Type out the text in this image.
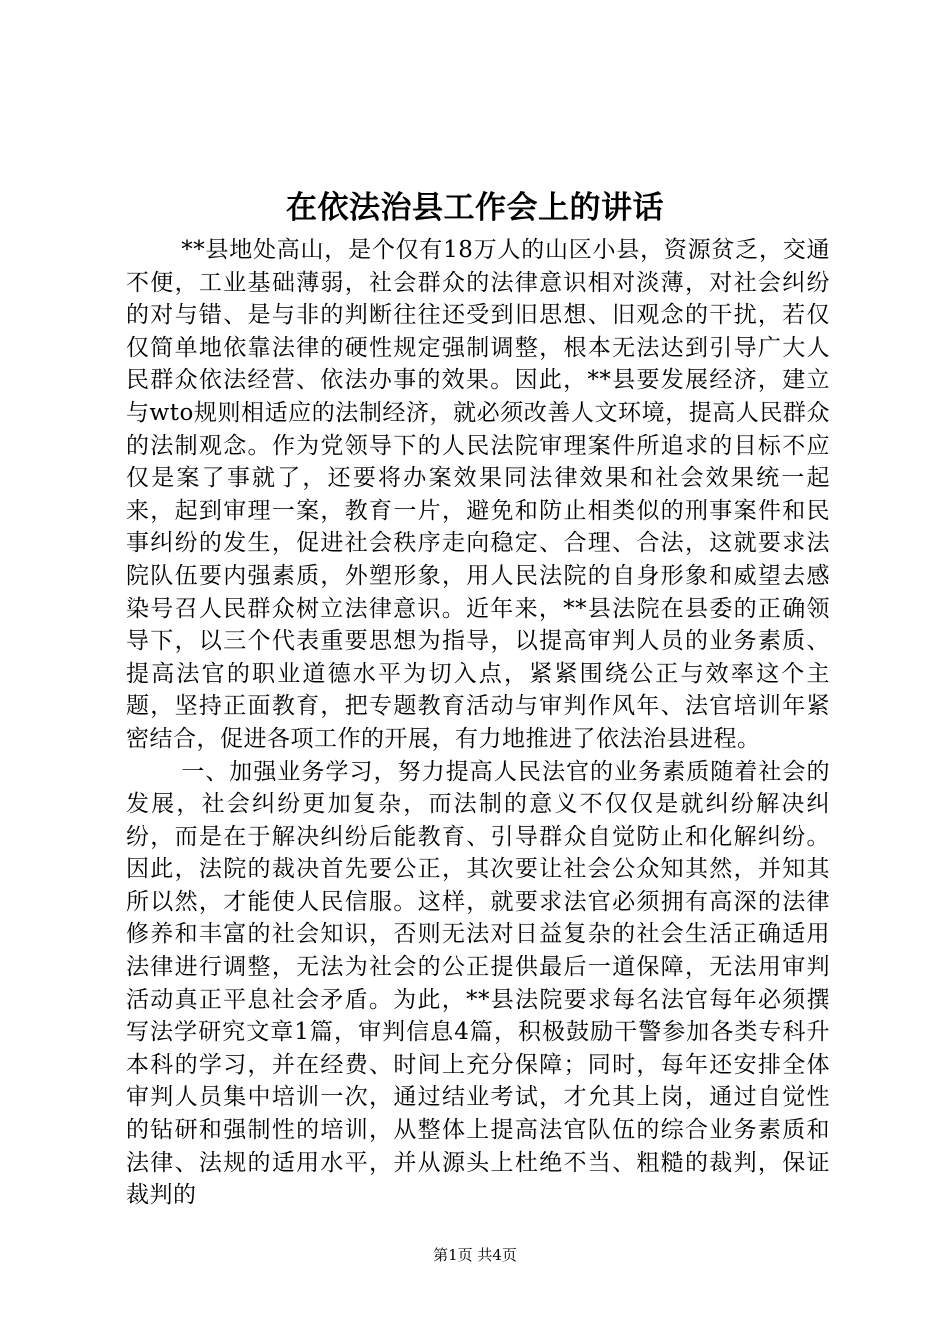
在依法治县工作会上的讲话

**县地处高山，是个仅有18万人的山区小县，资源贫乏，交通不便，工业基础薄弱，社会群众的法律意识相对淡薄，对社会纠纷的对与错、是与非的判断往往还受到旧思想、旧观念的干扰，若仅仅简单地依靠法律的硬性规定强制调整，根本无法达到引导广大人民群众依法经营、依法办事的效果。因此，**县要发展经济，建立与wto规则相适应的法制经济，就必须改善人文环境，提高人民群众的法制观念。作为党领导下的人民法院审理案件所追求的目标不应仅是案了事就了，还要将办案效果同法律效果和社会效果统一起来，起到审理一案，教育一片，避免和防止相类似的刑事案件和民事纠纷的发生，促进社会秩序走向稳定、合理、合法，这就要求法院队伍要内强素质，外塑形象，用人民法院的自身形象和威望去感染号召人民群众树立法律意识。近年来，**县法院在县委的正确领导下，以三个代表重要思想为指导，以提高审判人员的业务素质、提高法官的职业道德水平为切入点，紧紧围绕公正与效率这个主题，坚持正面教育，把专题教育活动与审判作风年、法官培训年紧密结合，促进各项工作的开展，有力地推进了依法治县进程。

一、加强业务学习，努力提高人民法官的业务素质随着社会的发展，社会纠纷更加复杂，而法制的意义不仅仅是就纠纷解决纠纷，而是在于解决纠纷后能教育、引导群众自觉防止和化解纠纷。因此，法院的裁决首先要公正，其次要让社会公众知其然，并知其所以然，才能使人民信服。这样，就要求法官必须拥有高深的法律修养和丰富的社会知识，否则无法对日益复杂的社会生活正确适用法律进行调整，无法为社会的公正提供最后一道保障，无法用审判活动真正平息社会矛盾。为此，**县法院要求每名法官每年必须撰写法学研究文章1篇，审判信息4篇，积极鼓励干警参加各类专科升本科的学习，并在经费、时间上充分保障；同时，每年还安排全体审判人员集中培训一次，通过结业考试，才允其上岗，通过自觉性的钻研和强制性的培训，从整体上提高法官队伍的综合业务素质和法律、法规的适用水平，并从源头上杜绝不当、粗糙的裁判，保证裁判的

第1页 共4页
